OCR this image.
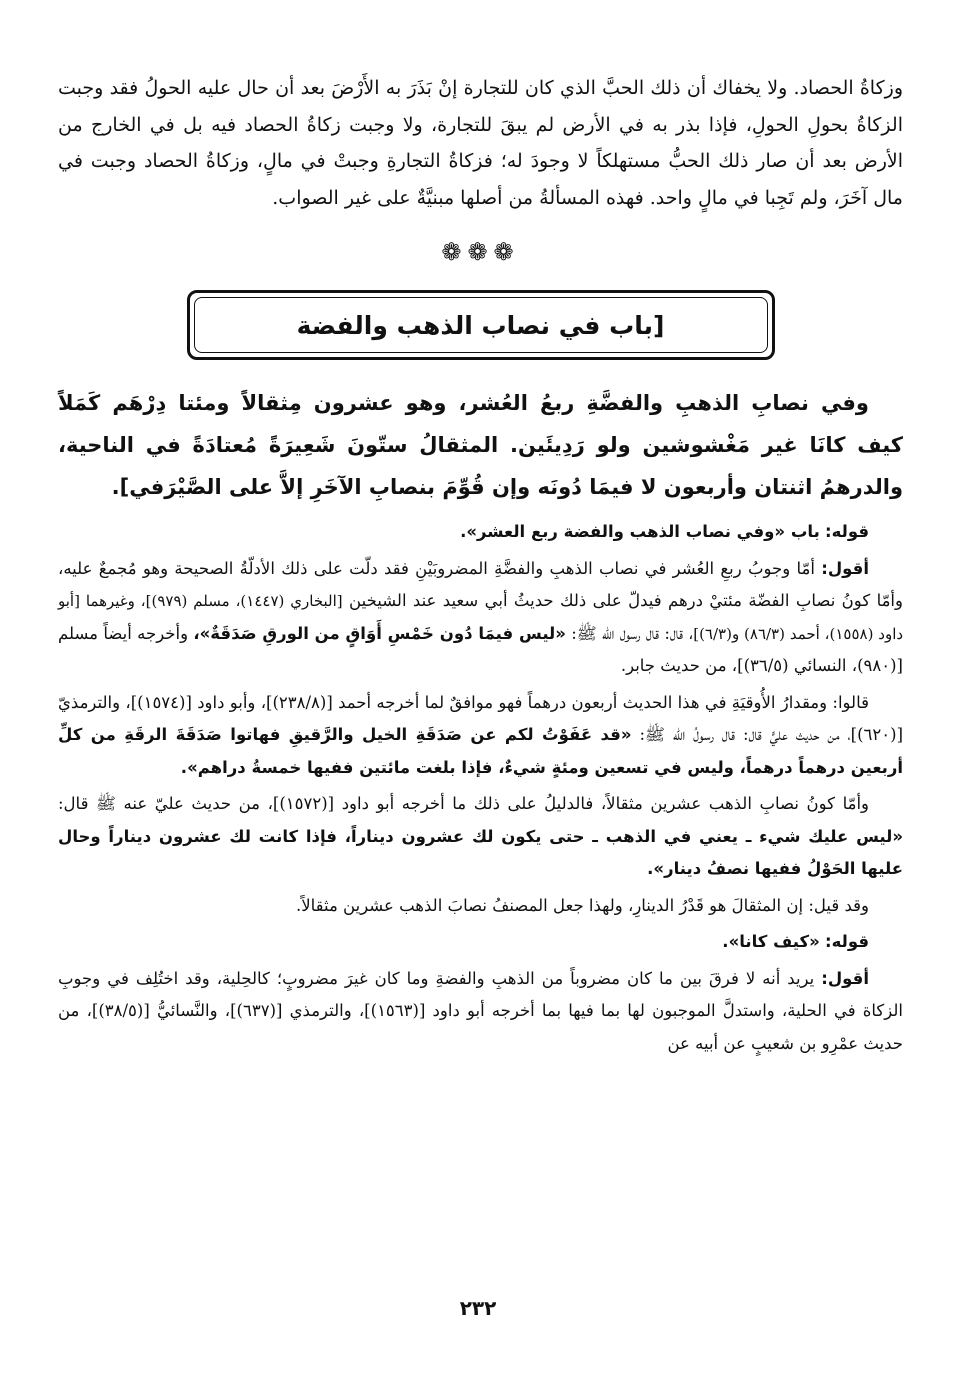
وزكاةُ الحصاد. ولا يخفاك أن ذلك الحبَّ الذي كان للتجارة إنْ بَذَرَ به الأَرْضَ بعد أن حال عليه الحولُ فقد وجبت الزكاةُ بحولِ الحولِ، فإذا بذر به في الأرض لم يبقَ للتجارة، ولا وجبت زكاةُ الحصاد فيه بل في الخارج من الأرض بعد أن صار ذلك الحبُّ مستهلكاً لا وجودَ له؛ فزكاةُ التجارةِ وجبتْ في مالٍ، وزكاةُ الحصاد وجبت في مال آخَرَ، ولم تَجِبا في مالٍ واحد. فهذه المسألةُ من أصلها مبنيَّةٌ على غير الصواب.

❁❁❁
[باب في نصاب الذهب والفضة

وفي نصابِ الذهبِ والفضَّةِ ربعُ العُشر، وهو عشرون مِثقالاً ومئتا دِرْهَم كَمَلاً كيف كانَا غير مَغْشوشين ولو رَدِيئَين. المثقالُ ستّونَ شَعِيرَةً مُعتادَةً في الناحية، والدرهمُ اثنتان وأربعون لا فيمَا دُونَه وإن قُوِّمَ بنصابِ الآخَرِ إلاَّ على الصَّيْرَفي].

قوله: باب «وفي نصاب الذهب والفضة ربع العشر».

أقول: أمّا وجوبُ ربعِ العُشر في نصاب الذهبِ والفضَّةِ المضروبَيْنِ فقد دلّت على ذلك الأدلّةُ الصحيحة وهو مُجمعٌ عليه، وأمّا كونُ نصابِ الفضّة مئتيْ درهم فيدلّ على ذلك حديثُ أبي سعيد عند الشيخين [البخاري (١٤٤٧)، مسلم (٩٧٩)]، وغيرهما [أبو داود (١٥٥٨)، أحمد (٨٦/٣) و(٦/٣)]، قال: قال رسول الله ﷺ: «ليس فيمَا دُون خَمْسِ أَوَاقٍ من الورقِ صَدَقَةٌ»، وأخرجه أيضاً مسلم [(٩٨٠)، النسائي (٣٦/٥)]، من حديث جابر.

قالوا: ومقدارُ الأُوقيَةِ في هذا الحديث أربعون درهماً فهو موافقٌ لما أخرجه أحمد [(٢٣٨/٨)]، وأبو داود [(١٥٧٤)]، والترمذيّ [(٦٢٠)]، من حديث عليٍّ قال: قال رسولُ الله ﷺ: «قد عَفَوْتُ لكم عن صَدَقَةِ الخيل والرَّقيقِ فهاتوا صَدَقَةَ الرقَةِ من كلِّ أربعين درهماً درهماً، وليس في تسعين ومئةٍ شيءٌ، فإذا بلغت مائتين ففيها خمسةُ دراهم».

وأمّا كونُ نصابِ الذهب عشرين مثقالاً، فالدليلُ على ذلك ما أخرجه أبو داود [(١٥٧٢)]، من حديث عليّ عنه ﷺ قال: «ليس عليك شيء ـ يعني في الذهب ـ حتى يكون لك عشرون ديناراً، فإذا كانت لك عشرون ديناراً وحال عليها الحَوْلُ ففيها نصفُ دينار».

وقد قيل: إن المثقالَ هو قَدْرُ الدينارِ، ولهذا جعل المصنفُ نصابَ الذهب عشرين مثقالاً.

قوله: «كيف كانا».

أقول: يريد أنه لا فرقَ بين ما كان مضروباً من الذهبِ والفضةِ وما كان غيرَ مضروبٍ؛ كالحِلية، وقد اختُلِف في وجوبِ الزكاة في الحلية، واستدلَّ الموجبون لها بما فيها بما أخرجه أبو داود [(١٥٦٣)]، والترمذي [(٦٣٧)]، والنَّسائيُّ [(٣٨/٥)]، من حديث عمْرِو بن شعيبٍ عن أبيه عن

٢٣٢
